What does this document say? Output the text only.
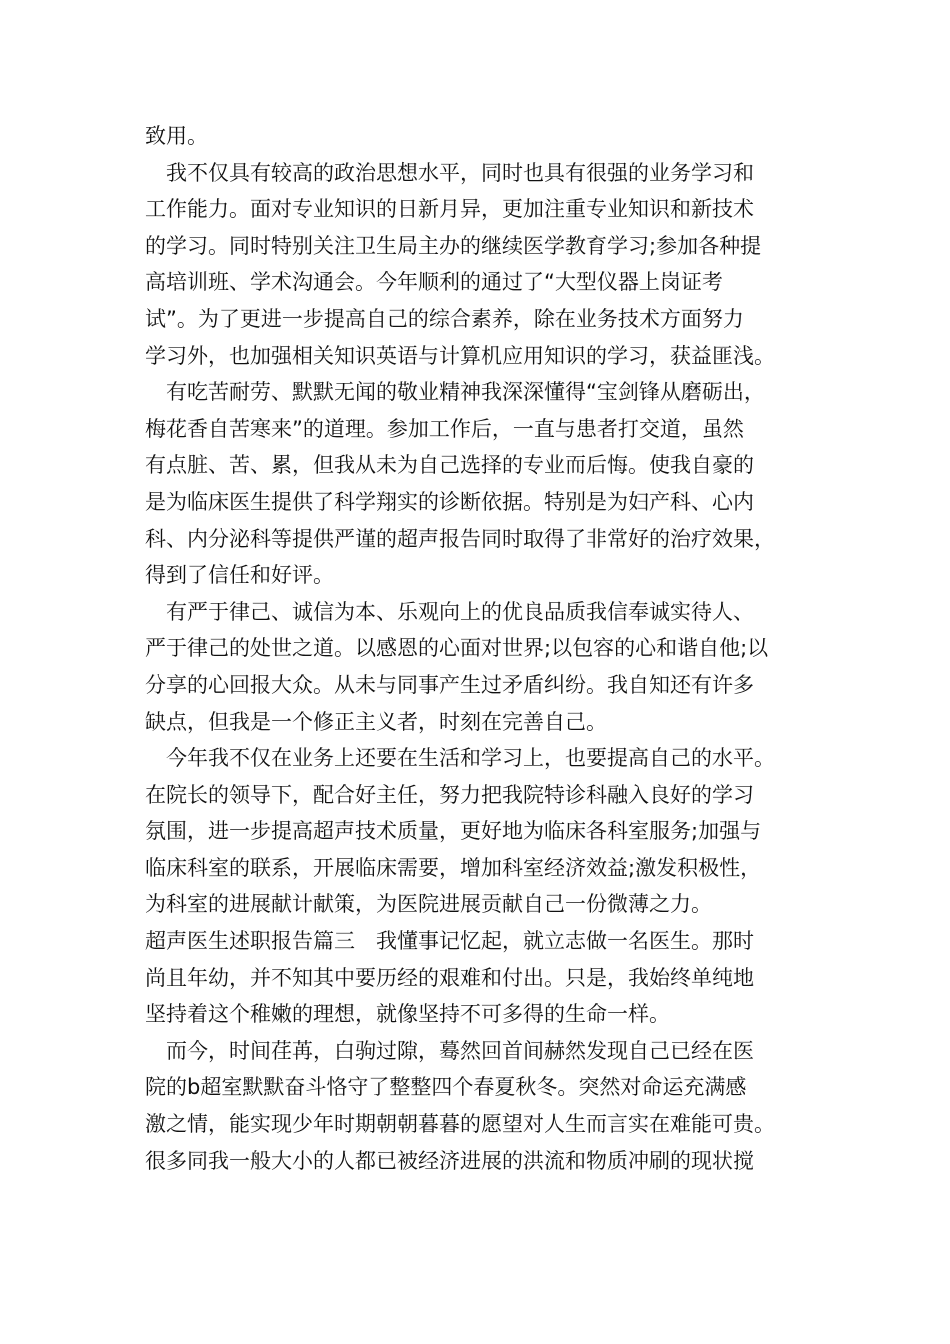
致用。
我不仅具有较高的政治思想水平，同时也具有很强的业务学习和
工作能力。面对专业知识的日新月异，更加注重专业知识和新技术
的学习。同时特别关注卫生局主办的继续医学教育学习;参加各种提
高培训班、学术沟通会。今年顺利的通过了“大型仪器上岗证考
试”。为了更进一步提高自己的综合素养，除在业务技术方面努力
学习外，也加强相关知识英语与计算机应用知识的学习，获益匪浅。
有吃苦耐劳、默默无闻的敬业精神我深深懂得“宝剑锋从磨砺出，
梅花香自苦寒来”的道理。参加工作后，一直与患者打交道，虽然
有点脏、苦、累，但我从未为自己选择的专业而后悔。使我自豪的
是为临床医生提供了科学翔实的诊断依据。特别是为妇产科、心内
科、内分泌科等提供严谨的超声报告同时取得了非常好的治疗效果，
得到了信任和好评。
有严于律己、诚信为本、乐观向上的优良品质我信奉诚实待人、
严于律己的处世之道。以感恩的心面对世界;以包容的心和谐自他;以
分享的心回报大众。从未与同事产生过矛盾纠纷。我自知还有许多
缺点，但我是一个修正主义者，时刻在完善自己。
今年我不仅在业务上还要在生活和学习上，也要提高自己的水平。
在院长的领导下，配合好主任，努力把我院特诊科融入良好的学习
氛围，进一步提高超声技术质量，更好地为临床各科室服务;加强与
临床科室的联系，开展临床需要，增加科室经济效益;激发积极性，
为科室的进展献计献策，为医院进展贡献自己一份微薄之力。
超声医生述职报告篇三　我懂事记忆起，就立志做一名医生。那时
尚且年幼，并不知其中要历经的艰难和付出。只是，我始终单纯地
坚持着这个稚嫩的理想，就像坚持不可多得的生命一样。
而今，时间荏苒，白驹过隙，蓦然回首间赫然发现自己已经在医
院的b超室默默奋斗恪守了整整四个春夏秋冬。突然对命运充满感
激之情，能实现少年时期朝朝暮暮的愿望对人生而言实在难能可贵。
很多同我一般大小的人都已被经济进展的洪流和物质冲刷的现状搅
